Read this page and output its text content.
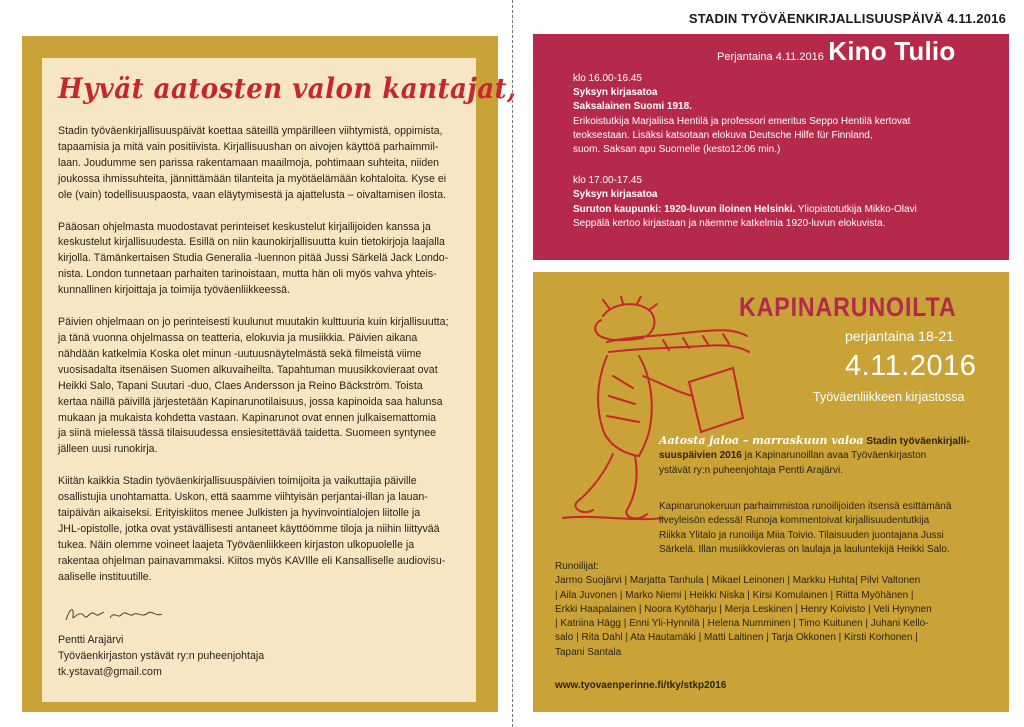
Hyvät aatosten valon kantajat,
Stadin työväenkirjallisuuspäivät koettaa säteillä ympärilleen viihtymistä, oppimista,
tapaamisia ja mitä vain positiivista. Kirjallisuushan on aivojen käyttöä parhaimmil-
laan. Joudumme sen parissa rakentamaan maailmoja, pohtimaan suhteita, niiden
joukossa ihmissuhteita, jännittämään tilanteita ja myötäelämään kohtaloita. Kyse ei
ole (vain) todellisuuspaosta, vaan eläytymisestä ja ajattelusta – oivaltamisen ilosta.
Pääosan ohjelmasta muodostavat perinteiset keskustelut kirjailijoiden kanssa ja
keskustelut kirjallisuudesta. Esillä on niin kaunokirjallisuutta kuin tietokirjoja laajalla
kirjolla. Tämänkertaisen Studia Generalia -luennon pitää Jussi Särkelä Jack Londo-
nista. London tunnetaan parhaiten tarinoistaan, mutta hän oli myös vahva yhteis-
kunnallinen kirjoittaja ja toimija työväenliikkeessä.
Päivien ohjelmaan on jo perinteisesti kuulunut muutakin kulttuuria kuin kirjallisuutta;
ja tänä vuonna ohjelmassa on teatteria, elokuvia ja musiikkia. Päivien aikana
nähdään katkelmia Koska olet minun -uutuusnäytelmästä sekä filmeistä viime
vuosisadalta itsenäisen Suomen alkuvaiheilta. Tapahtuman muusikkovieraat ovat
Heikki Salo, Tapani Suutari -duo, Claes Andersson ja Reino Bäckström. Toista
kertaa näillä päivillä järjestetään Kapinarunotilaisuus, jossa kapinoida saa halunsa
mukaan ja mukaista kohdetta vastaan. Kapinarunot ovat ennen julkaisemattomia
ja siinä mielessä tässä tilaisuudessa ensiesitettävää taidetta. Suomeen syntynee
jälleen uusi runokirja.
Kiitän kaikkia Stadin työväenkirjallisuuspäivien toimijoita ja vaikuttajia päiville
osallistujia unohtamatta. Uskon, että saamme viihtyisän perjantai-illan ja lauan-
taipäivän aikaiseksi. Erityiskiitos menee Julkisten ja hyvinvointialojen liitolle ja
JHL-opistolle, jotka ovat ystävällisesti antaneet käyttöömme tiloja ja niihin liittyvää
tukea. Näin olemme voineet laajeta Työväenliikkeen kirjaston ulkopuolelle ja
rakentaa ohjelman painavammaksi. Kiitos myös KAVIlle eli Kansalliselle audiovisu-
aaliselle instituutille.
Pentti Arajärvi
Työväenkirjaston ystävät ry:n puheenjohtaja
tk.ystavat@gmail.com
STADIN TYÖVÄENKIRJALLISUUSPÄIVÄ 4.11.2016
Perjantaina 4.11.2016 Kino Tulio
klo 16.00-16.45
Syksyn kirjasatoa
Saksalainen Suomi 1918.
Erikoistutkija Marjaliisa Hentilä ja professori emeritus Seppo Hentilä kertovat
teoksestaan. Lisäksi katsotaan elokuva Deutsche Hilfe für Finnland,
suom. Saksan apu Suomelle (kesto12:06 min.)
klo 17.00-17.45
Syksyn kirjasatoa
Suruton kaupunki: 1920-luvun iloinen Helsinki. Yliopistotutkija Mikko-Olavi
Seppälä kertoo kirjastaan ja näemme katkelmia 1920-luvun elokuvista.
KAPINARUNOILTA
perjantaina 18-21
4.11.2016
Työväenliikkeen kirjastossa
Aatosta jaloa – marraskuun valoa Stadin työväenkirjalli-
suuspäivien 2016 ja Kapinarunoillan avaa Työväenkirjaston
ystävät ry:n puheenjohtaja Pentti Arajärvi.
Kapinarunokeruun parhaimmistoa runoilijoiden itsensä esittämänä
liveyleisön edessä! Runoja kommentoivat kirjallisuudentutkija
Riikka Ylitalo ja runoilija Miia Toivio. Tilaisuuden juontajana Jussi
Särkelä. Illan musiikkovieras on laulaja ja lauluntekijä Heikki Salo.
Runoilijat:
Jarmo Suojärvi | Marjatta Tanhula | Mikael Leinonen | Markku Huhta| Pilvi Valtonen
| Aila Juvonen | Marko Niemi | Heikki Niska | Kirsi Komulainen | Riitta Myöhänen |
Erkki Haapalainen | Noora Kytöharju | Merja Leskinen | Henry Koivisto | Veli Hynynen
| Katriina Hägg | Enni Yli-Hynnilä | Helena Numminen | Timo Kuitunen | Juhani Kello-
salo | Rita Dahl | Ata Hautamäki | Matti Laitinen | Tarja Okkonen | Kirsti Korhonen |
Tapani Santala
www.tyovaenperinne.fi/tky/stkp2016
